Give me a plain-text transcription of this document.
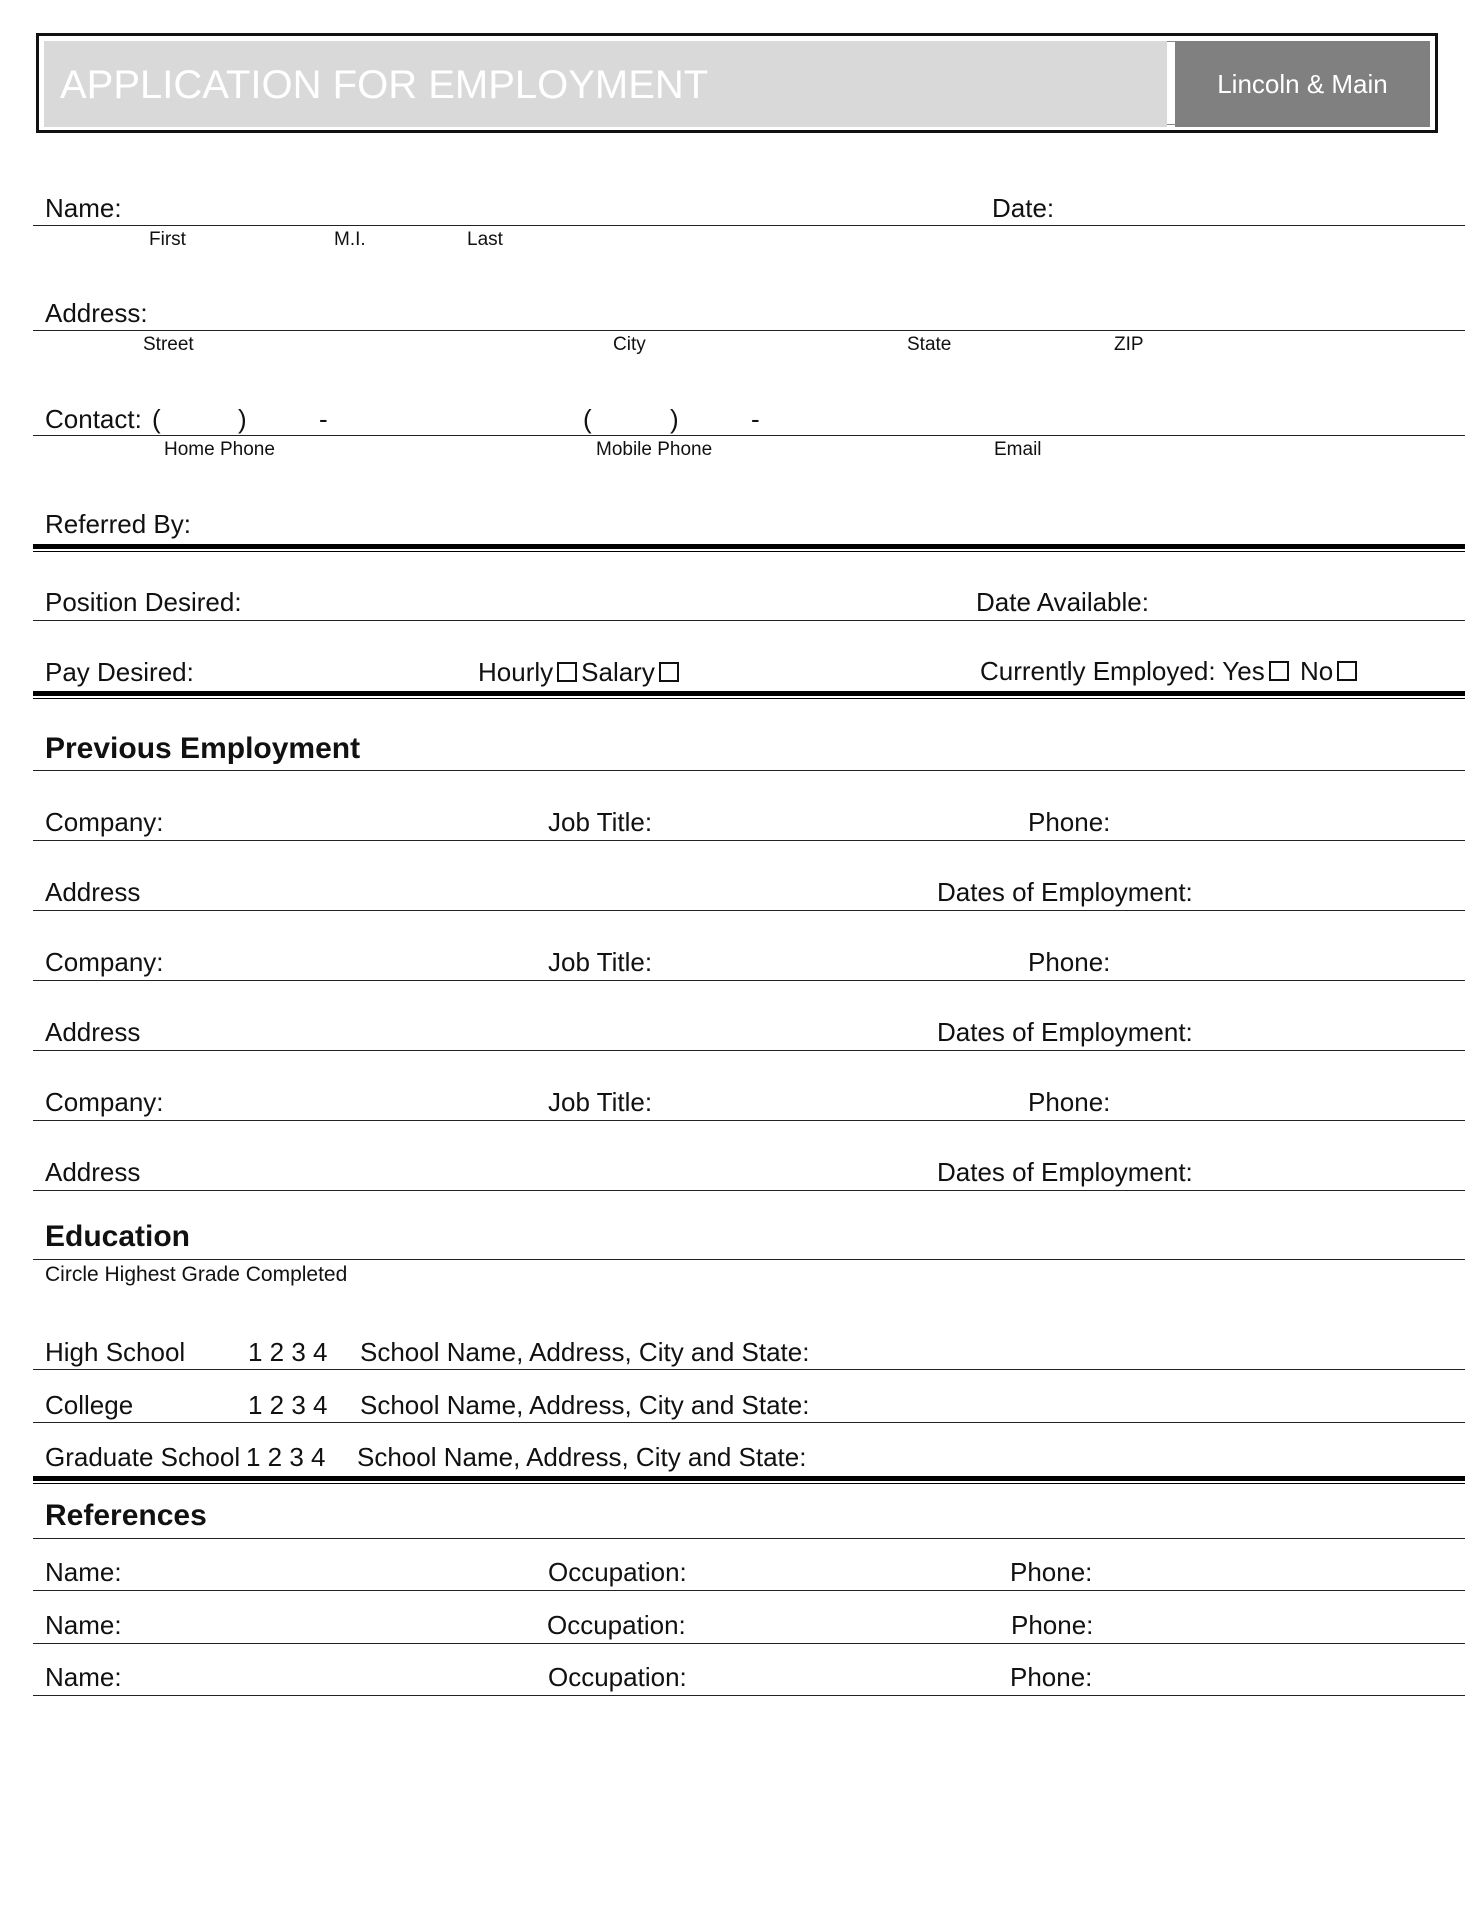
APPLICATION FOR EMPLOYMENT	Lincoln & Main
Name:	Date:
First	M.I.	Last
Address:
Street	City	State	ZIP
Contact: (	)	-	(	)	-
Home Phone	Mobile Phone	Email
Referred By:
Position Desired:	Date Available:
Pay Desired:	Hourly Salary	Currently Employed: Yes No
Previous Employment
Company:	Job Title:	Phone:
Address	Dates of Employment:
Company:	Job Title:	Phone:
Address	Dates of Employment:
Company:	Job Title:	Phone:
Address	Dates of Employment:
Education
Circle Highest Grade Completed
High School 1 2 3 4 School Name, Address, City and State:
College	1 2 3 4 School Name, Address, City and State:
Graduate School 1 2 3 4 School Name, Address, City and State:
References
Name:	Occupation:	Phone:
Name:	Occupation:	Phone:
Name:	Occupation:	Phone:
